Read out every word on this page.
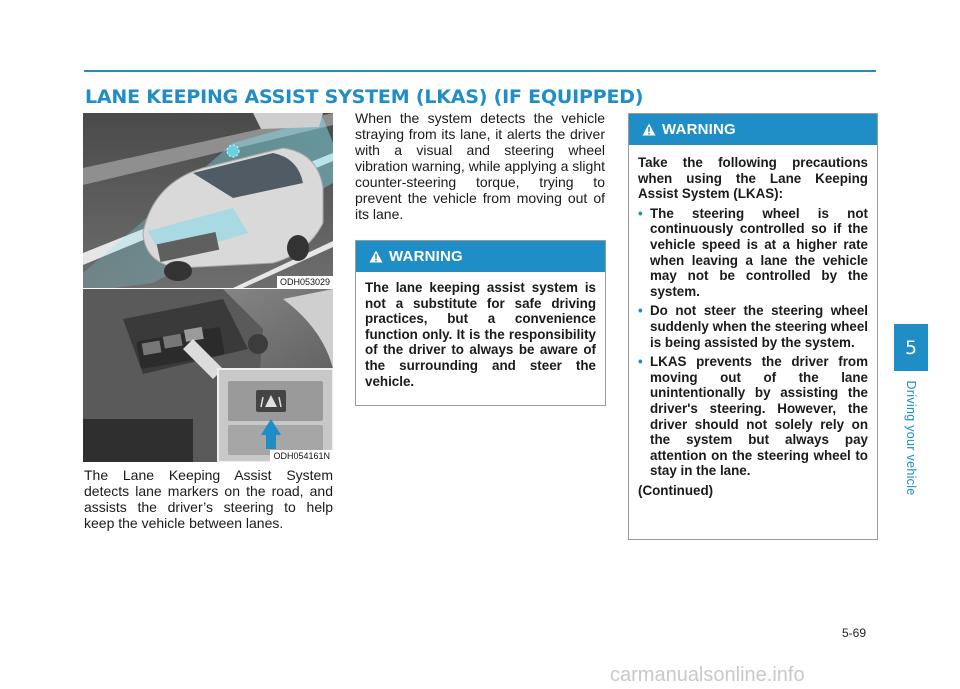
LANE KEEPING ASSIST SYSTEM (LKAS) (IF EQUIPPED)
ODH053029
ODH054161N

The Lane Keeping Assist System detects lane markers on the road, and assists the driver’s steering to help keep the vehicle between lanes.

When the system detects the vehicle straying from its lane, it alerts the driver with a visual and steering wheel vibration warning, while applying a slight counter-steering torque, trying to prevent the vehicle from moving out of its lane.

WARNING
The lane keeping assist system is not a substitute for safe driving practices, but a convenience function only. It is the responsibility of the driver to always be aware of the surrounding and steer the vehicle.
WARNING
Take the following precautions when using the Lane Keeping Assist System (LKAS):
• The steering wheel is not continuously controlled so if the vehicle speed is at a higher rate when leaving a lane the vehicle may not be controlled by the system.
• Do not steer the steering wheel suddenly when the steering wheel is being assisted by the system.
• LKAS prevents the driver from moving out of the lane unintentionally by assisting the driver's steering. However, the driver should not solely rely on the system but always pay attention on the steering wheel to stay in the lane.
(Continued)
5
Driving your vehicle
5-69
carmanualsonline.info
